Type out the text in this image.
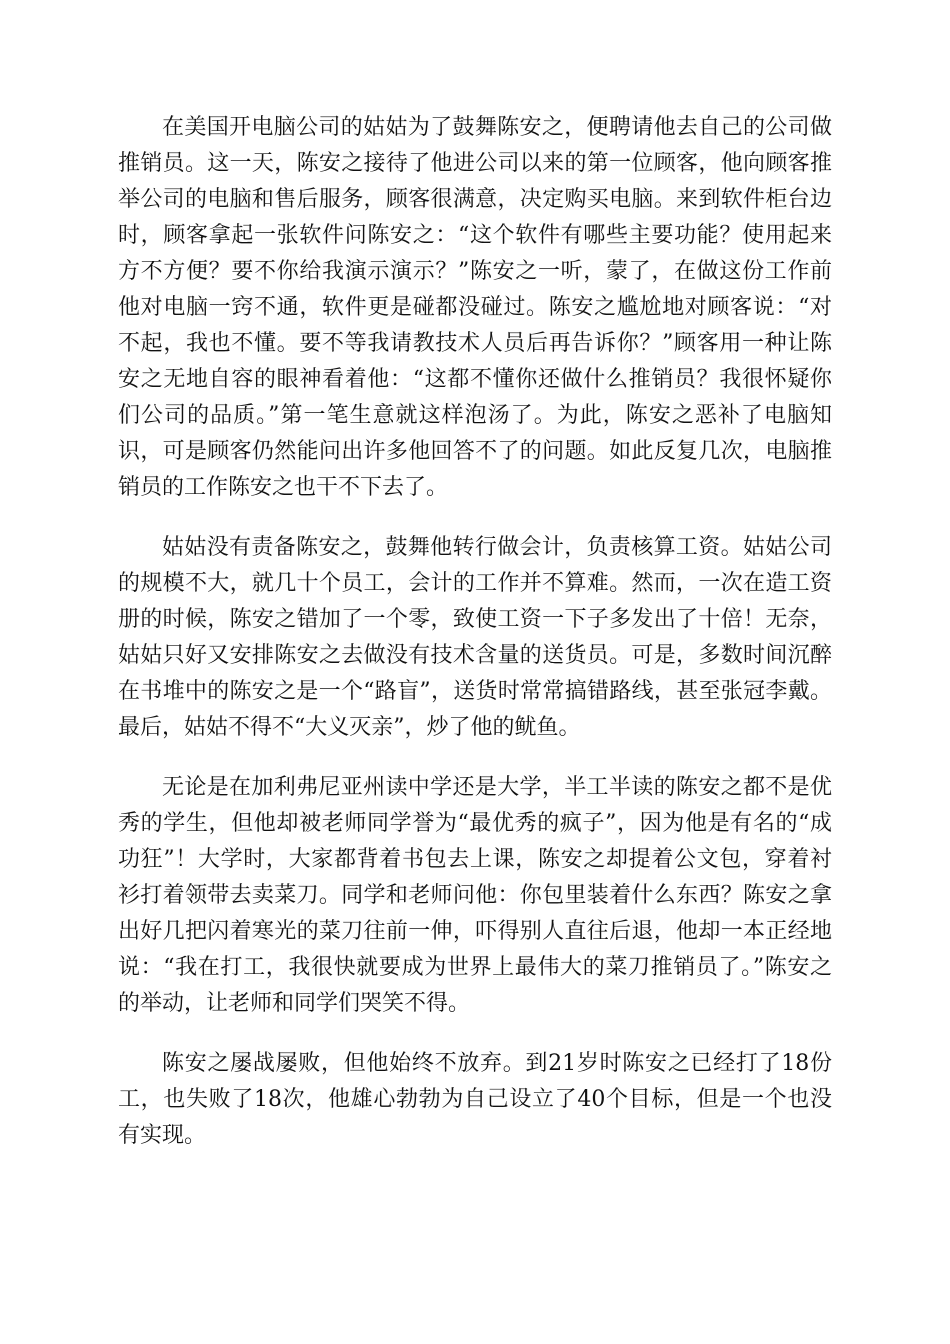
在美国开电脑公司的姑姑为了鼓舞陈安之，便聘请他去自己的公司做推销员。这一天，陈安之接待了他进公司以来的第一位顾客，他向顾客推举公司的电脑和售后服务，顾客很满意，决定购买电脑。来到软件柜台边时，顾客拿起一张软件问陈安之：“这个软件有哪些主要功能？使用起来方不方便？要不你给我演示演示？”陈安之一听，蒙了，在做这份工作前他对电脑一窍不通，软件更是碰都没碰过。陈安之尴尬地对顾客说：“对不起，我也不懂。要不等我请教技术人员后再告诉你？”顾客用一种让陈安之无地自容的眼神看着他：“这都不懂你还做什么推销员？我很怀疑你们公司的品质。”第一笔生意就这样泡汤了。为此，陈安之恶补了电脑知识，可是顾客仍然能问出许多他回答不了的问题。如此反复几次，电脑推销员的工作陈安之也干不下去了。

姑姑没有责备陈安之，鼓舞他转行做会计，负责核算工资。姑姑公司的规模不大，就几十个员工，会计的工作并不算难。然而，一次在造工资册的时候，陈安之错加了一个零，致使工资一下子多发出了十倍！无奈，姑姑只好又安排陈安之去做没有技术含量的送货员。可是，多数时间沉醉在书堆中的陈安之是一个“路盲”，送货时常常搞错路线，甚至张冠李戴。最后，姑姑不得不“大义灭亲”，炒了他的鱿鱼。

无论是在加利弗尼亚州读中学还是大学，半工半读的陈安之都不是优秀的学生，但他却被老师同学誉为“最优秀的疯子”，因为他是有名的“成功狂”！大学时，大家都背着书包去上课，陈安之却提着公文包，穿着衬衫打着领带去卖菜刀。同学和老师问他：你包里装着什么东西？陈安之拿出好几把闪着寒光的菜刀往前一伸，吓得别人直往后退，他却一本正经地说：“我在打工，我很快就要成为世界上最伟大的菜刀推销员了。”陈安之的举动，让老师和同学们哭笑不得。

陈安之屡战屡败，但他始终不放弃。到21岁时陈安之已经打了18份工，也失败了18次，他雄心勃勃为自己设立了40个目标，但是一个也没有实现。
